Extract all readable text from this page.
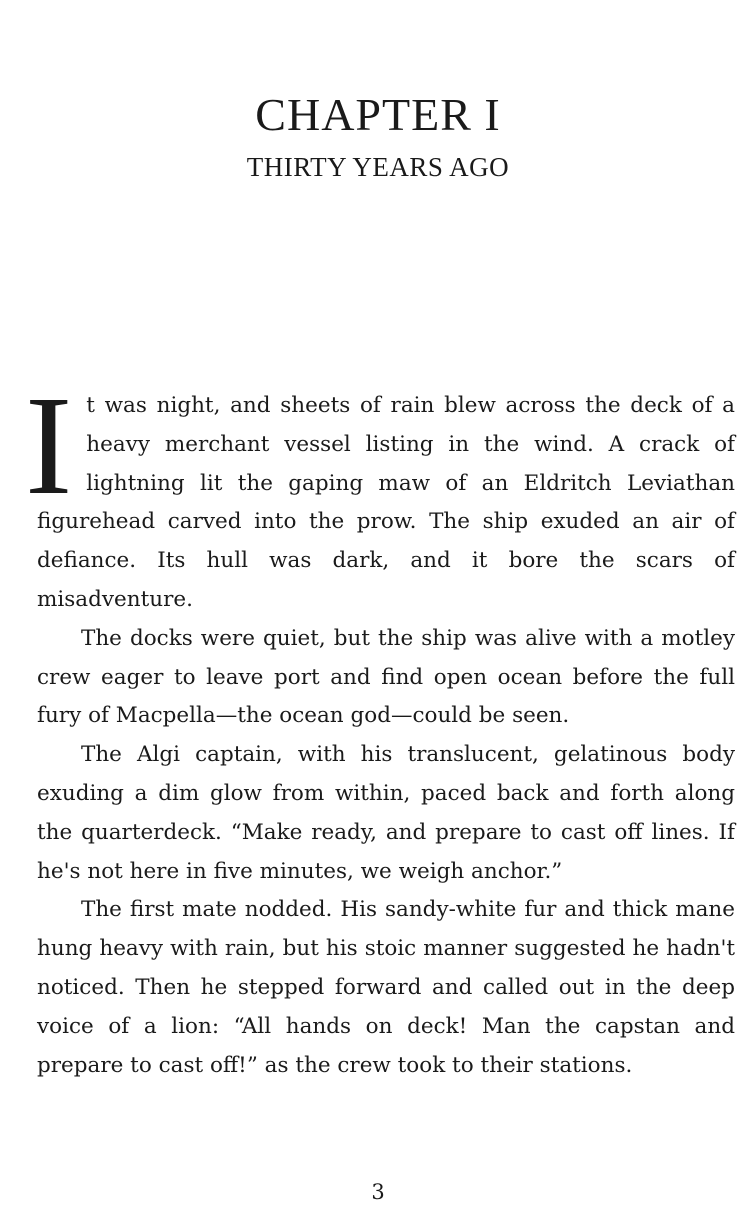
CHAPTER I
THIRTY YEARS AGO

It was night, and sheets of rain blew across the deck of a heavy merchant vessel listing in the wind. A crack of lightning lit the gaping maw of an Eldritch Leviathan figurehead carved into the prow. The ship exuded an air of defiance. Its hull was dark, and it bore the scars of misadventure.

The docks were quiet, but the ship was alive with a motley crew eager to leave port and find open ocean before the full fury of Macpella—the ocean god—could be seen.

The Algi captain, with his translucent, gelatinous body exuding a dim glow from within, paced back and forth along the quarterdeck. “Make ready, and prepare to cast off lines. If he's not here in five minutes, we weigh anchor.”

The first mate nodded. His sandy-white fur and thick mane hung heavy with rain, but his stoic manner suggested he hadn't noticed. Then he stepped forward and called out in the deep voice of a lion: “All hands on deck! Man the capstan and prepare to cast off!” as the crew took to their stations.

3
